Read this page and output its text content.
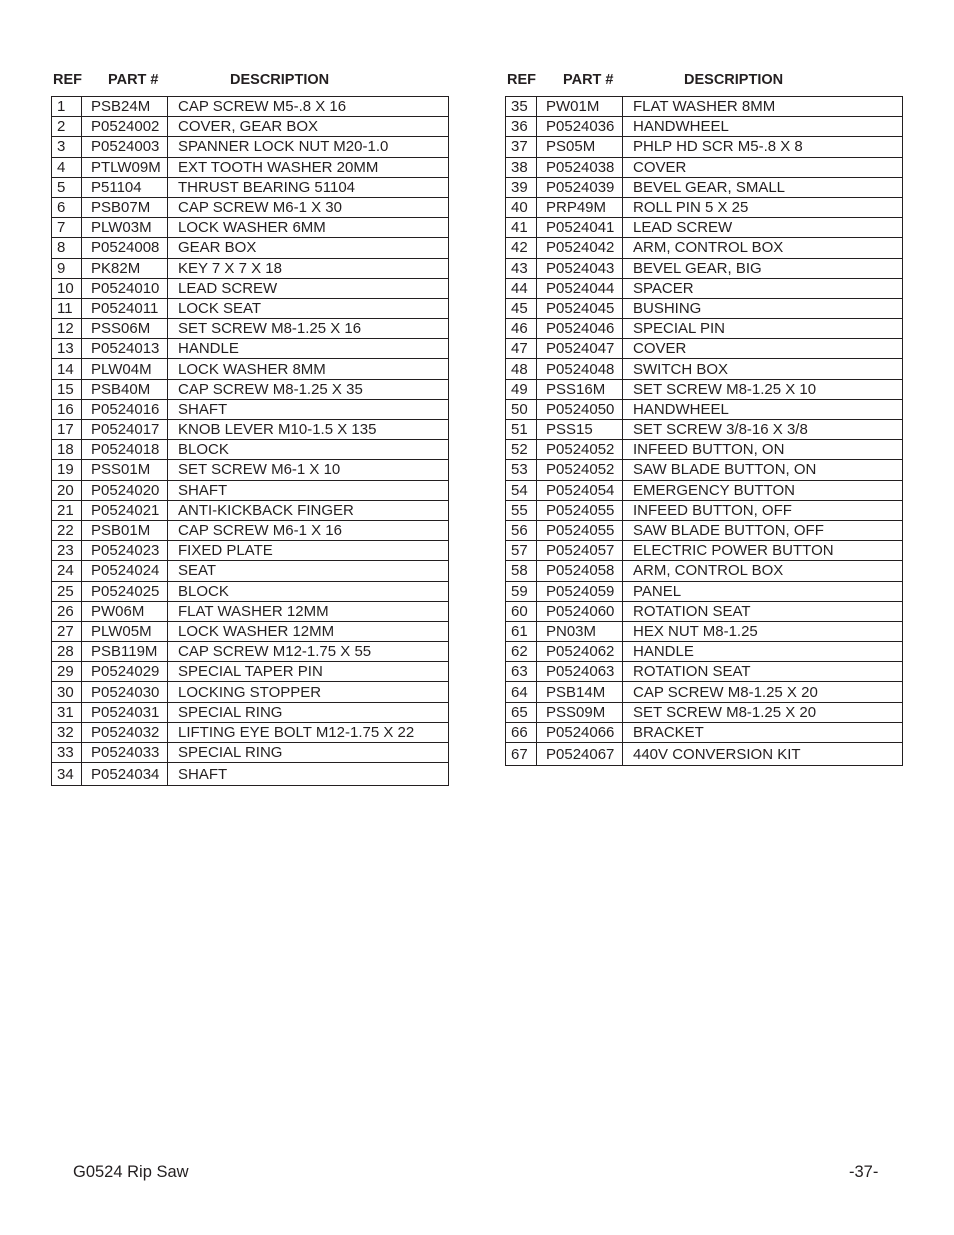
REF PART #	DESCRIPTION	REF PART #	DESCRIPTION
1	PSB24M	CAP SCREW M5-.8 X 16
2	P0524002	COVER, GEAR BOX
3	P0524003	SPANNER LOCK NUT M20-1.0
4	PTLW09M	EXT TOOTH WASHER 20MM
5	P51104	THRUST BEARING 51104
6	PSB07M	CAP SCREW M6-1 X 30
7	PLW03M	LOCK WASHER 6MM
8	P0524008	GEAR BOX
9	PK82M	KEY 7 X 7 X 18
10	P0524010	LEAD SCREW
11	P0524011	LOCK SEAT
12	PSS06M	SET SCREW M8-1.25 X 16
13	P0524013	HANDLE
14	PLW04M	LOCK WASHER 8MM
15	PSB40M	CAP SCREW M8-1.25 X 35
16	P0524016	SHAFT
17	P0524017	KNOB LEVER M10-1.5 X 135
18	P0524018	BLOCK
19	PSS01M	SET SCREW M6-1 X 10
20	P0524020	SHAFT
21	P0524021	ANTI-KICKBACK FINGER
22	PSB01M	CAP SCREW M6-1 X 16
23	P0524023	FIXED PLATE
24	P0524024	SEAT
25	P0524025	BLOCK
26	PW06M	FLAT WASHER 12MM
27	PLW05M	LOCK WASHER 12MM
28	PSB119M	CAP SCREW M12-1.75 X 55
29	P0524029	SPECIAL TAPER PIN
30	P0524030	LOCKING STOPPER
31	P0524031	SPECIAL RING
32	P0524032	LIFTING EYE BOLT M12-1.75 X 22
33	P0524033	SPECIAL RING
34	P0524034	SHAFT
35	PW01M	FLAT WASHER 8MM
36	P0524036	HANDWHEEL
37	PS05M	PHLP HD SCR M5-.8 X 8
38	P0524038	COVER
39	P0524039	BEVEL GEAR, SMALL
40	PRP49M	ROLL PIN 5 X 25
41	P0524041	LEAD SCREW
42	P0524042	ARM, CONTROL BOX
43	P0524043	BEVEL GEAR, BIG
44	P0524044	SPACER
45	P0524045	BUSHING
46	P0524046	SPECIAL PIN
47	P0524047	COVER
48	P0524048	SWITCH BOX
49	PSS16M	SET SCREW M8-1.25 X 10
50	P0524050	HANDWHEEL
51	PSS15	SET SCREW 3/8-16 X 3/8
52	P0524052	INFEED BUTTON, ON
53	P0524052	SAW BLADE BUTTON, ON
54	P0524054	EMERGENCY BUTTON
55	P0524055	INFEED BUTTON, OFF
56	P0524055	SAW BLADE BUTTON, OFF
57	P0524057	ELECTRIC POWER BUTTON
58	P0524058	ARM, CONTROL BOX
59	P0524059	PANEL
60	P0524060	ROTATION SEAT
61	PN03M	HEX NUT M8-1.25
62	P0524062	HANDLE
63	P0524063	ROTATION SEAT
64	PSB14M	CAP SCREW M8-1.25 X 20
65	PSS09M	SET SCREW M8-1.25 X 20
66	P0524066	BRACKET
67	P0524067	440V CONVERSION KIT
G0524 Rip Saw	-37-
